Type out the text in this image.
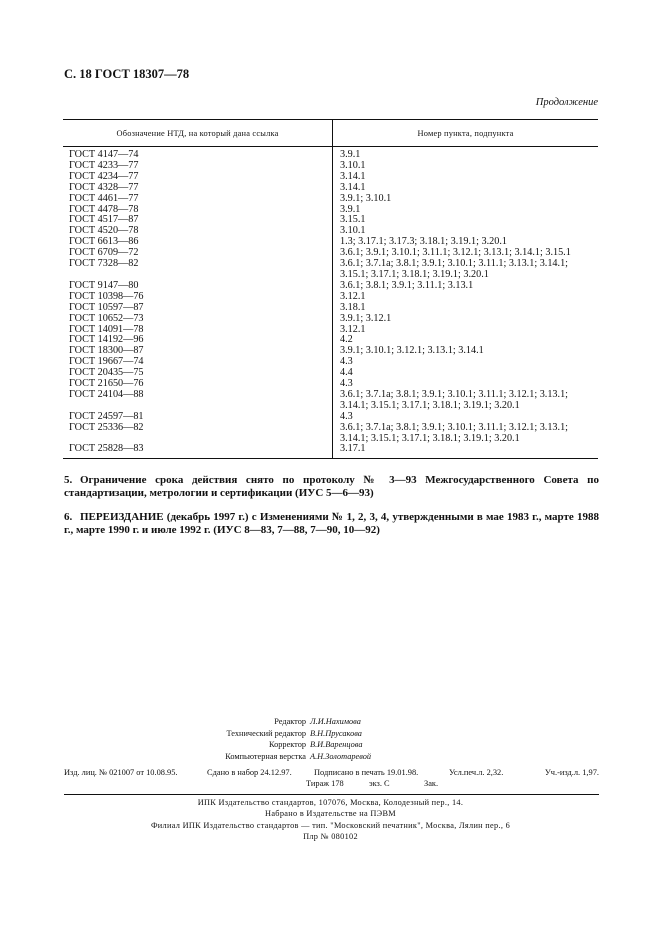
С. 18 ГОСТ 18307—78
Продолжение
Обозначение НТД, на который дана ссылка	Номер пункта, подпункта
ГОСТ 4147—74	3.9.1

ГОСТ 4233—77	3.10.1

ГОСТ 4234—77	3.14.1

ГОСТ 4328—77	3.14.1

ГОСТ 4461—77	3.9.1; 3.10.1

ГОСТ 4478—78	3.9.1

ГОСТ 4517—87	3.15.1

ГОСТ 4520—78	3.10.1

ГОСТ 6613—86	1.3; 3.17.1; 3.17.3; 3.18.1; 3.19.1; 3.20.1

ГОСТ 6709—72	3.6.1; 3.9.1; 3.10.1; 3.11.1; 3.12.1; 3.13.1; 3.14.1; 3.15.1

ГОСТ 7328—82	3.6.1; 3.7.1а; 3.8.1; 3.9.1; 3.10.1; 3.11.1; 3.13.1; 3.14.1;
3.15.1; 3.17.1; 3.18.1; 3.19.1; 3.20.1

ГОСТ 9147—80	3.6.1; 3.8.1; 3.9.1; 3.11.1; 3.13.1

ГОСТ 10398—76	3.12.1

ГОСТ 10597—87	3.18.1

ГОСТ 10652—73	3.9.1; 3.12.1

ГОСТ 14091—78	3.12.1

ГОСТ 14192—96	4.2

ГОСТ 18300—87	3.9.1; 3.10.1; 3.12.1; 3.13.1; 3.14.1

ГОСТ 19667—74	4.3

ГОСТ 20435—75	4.4

ГОСТ 21650—76	4.3

ГОСТ 24104—88	3.6.1; 3.7.1а; 3.8.1; 3.9.1; 3.10.1; 3.11.1; 3.12.1; 3.13.1;
3.14.1; 3.15.1; 3.17.1; 3.18.1; 3.19.1; 3.20.1

ГОСТ 24597—81	4.3

ГОСТ 25336—82	3.6.1; 3.7.1а; 3.8.1; 3.9.1; 3.10.1; 3.11.1; 3.12.1; 3.13.1;
3.14.1; 3.15.1; 3.17.1; 3.18.1; 3.19.1; 3.20.1

ГОСТ 25828—83	3.17.1
5. Ограничение срока действия снято по протоколу № 3—93 Межгосударственного Совета по стандартизации, метрологии и сертификации (ИУС 5—6—93)
6. ПЕРЕИЗДАНИЕ (декабрь 1997 г.) с Изменениями № 1, 2, 3, 4, утвержденными в мае 1983 г., марте 1988 г., марте 1990 г. и июле 1992 г. (ИУС 8—83, 7—88, 7—90, 10—92)
Редактор Л.И.Нахимова
Технический редактор В.Н.Прусакова
Корректор В.И.Варенцова
Компьютерная верстка А.Н.Золотаревой
Изд. лиц. № 021007 от 10.08.95.	Сдано в набор 24.12.97.	Подписано в печать 19.01.98.	Усл.печ.л. 2,32.	Уч.-изд.л. 1,97.
Тираж 178	экз. С	Зак.
ИПК Издательство стандартов, 107076, Москва, Колодезный пер., 14.
Набрано в Издательстве на ПЭВМ
Филиал ИПК Издательство стандартов — тип. "Московский печатник", Москва, Лялин пер., 6
Плр № 080102
